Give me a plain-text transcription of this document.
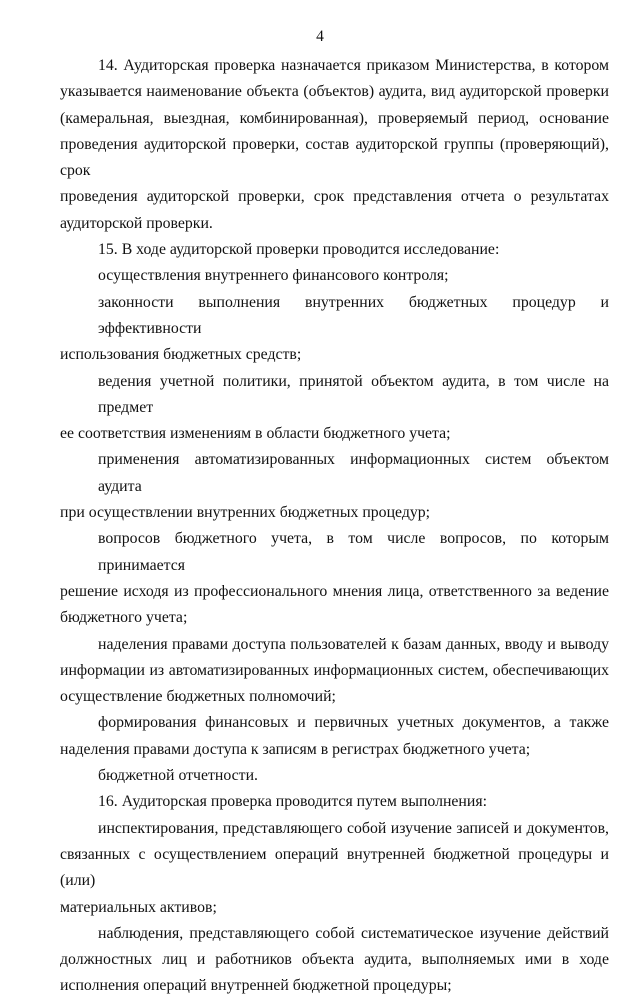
4

14. Аудиторская проверка назначается приказом Министерства, в котором
указывается наименование объекта (объектов) аудита, вид аудиторской проверки
(камеральная, выездная, комбинированная), проверяемый период, основание
проведения аудиторской проверки, состав аудиторской группы (проверяющий), срок
проведения аудиторской проверки, срок представления отчета о результатах
аудиторской проверки.

15. В ходе аудиторской проверки проводится исследование:

осуществления внутреннего финансового контроля;

законности выполнения внутренних бюджетных процедур и эффективности
использования бюджетных средств;

ведения учетной политики, принятой объектом аудита, в том числе на предмет
ее соответствия изменениям в области бюджетного учета;

применения автоматизированных информационных систем объектом аудита
при осуществлении внутренних бюджетных процедур;

вопросов бюджетного учета, в том числе вопросов, по которым принимается
решение исходя из профессионального мнения лица, ответственного за ведение
бюджетного учета;

наделения правами доступа пользователей к базам данных, вводу и выводу
информации из автоматизированных информационных систем, обеспечивающих
осуществление бюджетных полномочий;

формирования финансовых и первичных учетных документов, а также
наделения правами доступа к записям в регистрах бюджетного учета;

бюджетной отчетности.

16. Аудиторская проверка проводится путем выполнения:

инспектирования, представляющего собой изучение записей и документов,
связанных с осуществлением операций внутренней бюджетной процедуры и (или)
материальных активов;

наблюдения, представляющего собой систематическое изучение действий
должностных лиц и работников объекта аудита, выполняемых ими в ходе
исполнения операций внутренней бюджетной процедуры;
